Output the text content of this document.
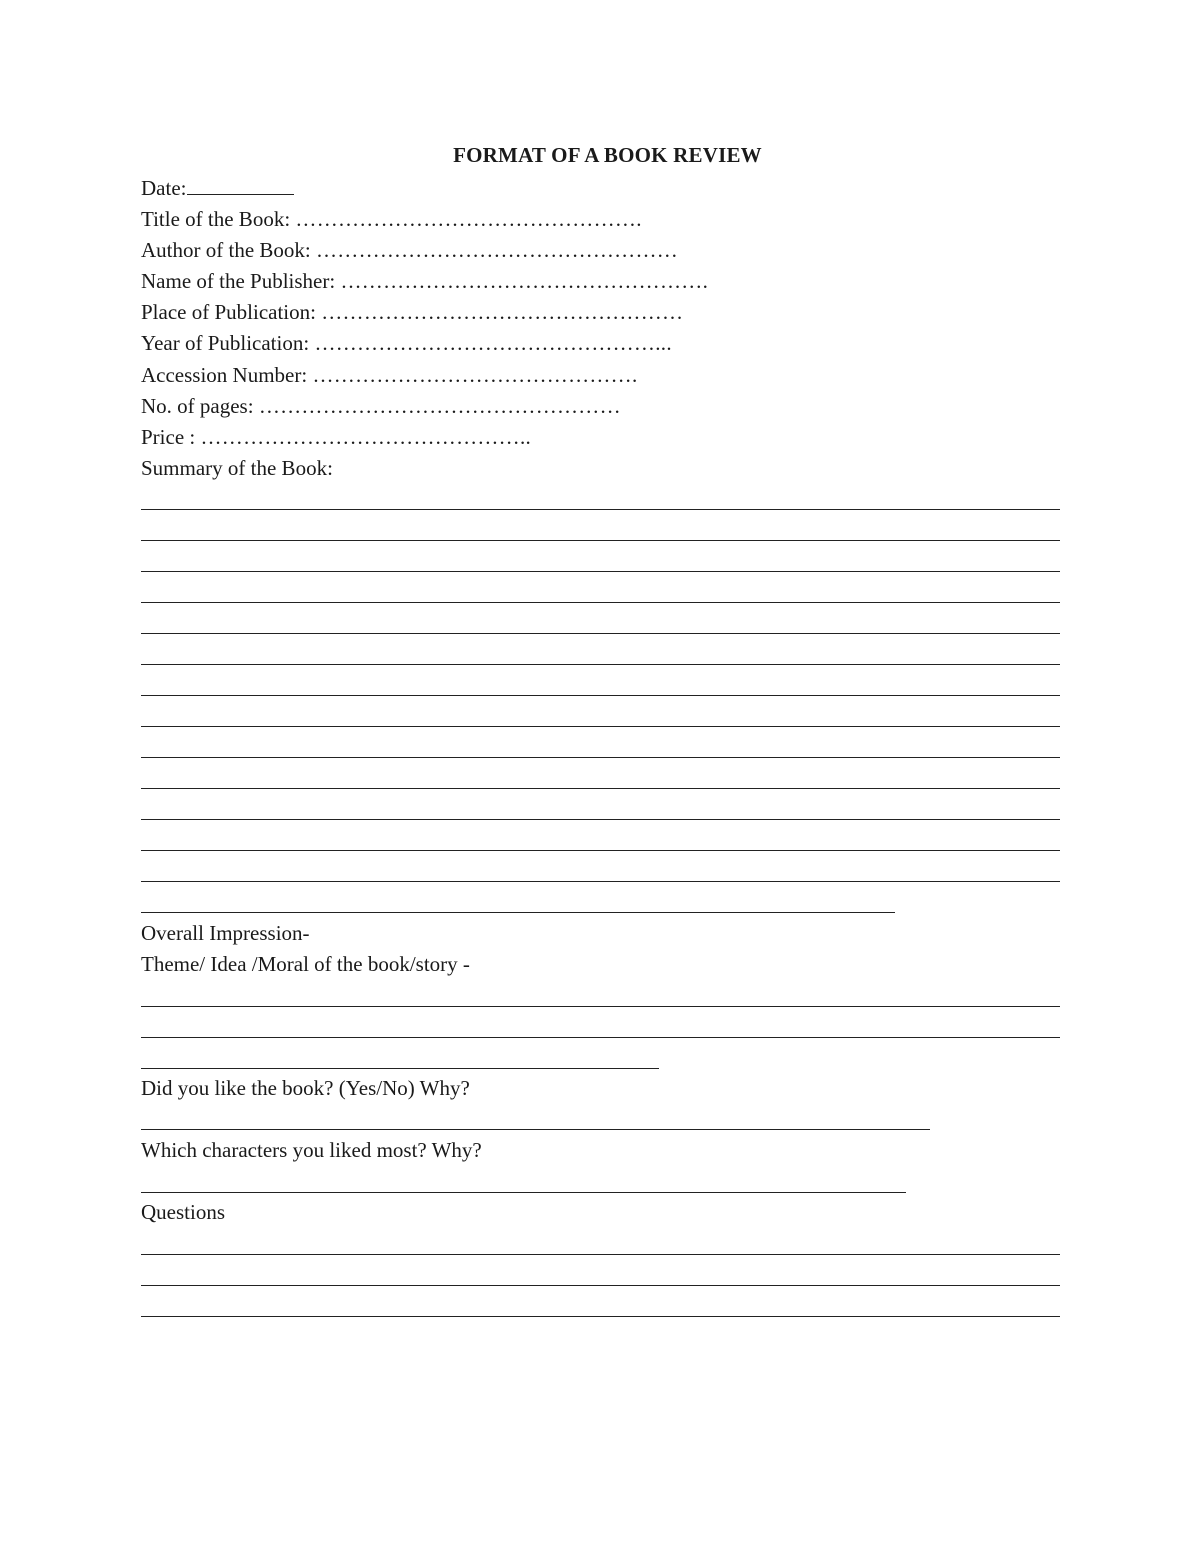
FORMAT OF A BOOK REVIEW
Date:
Title of the Book: ………………………………………….
Author of the Book: ……………………………………………
Name of the Publisher: …………………………………………….
Place of Publication: ……………………………………………
Year of Publication: …………………………………………...
Accession Number: ……………………………………….
No. of pages: ……………………………………………
Price : ………………………………………..
Summary of the Book:
Overall Impression-
Theme/ Idea /Moral of the book/story -
Did you like the book? (Yes/No) Why?
Which characters you liked most? Why?
Questions
